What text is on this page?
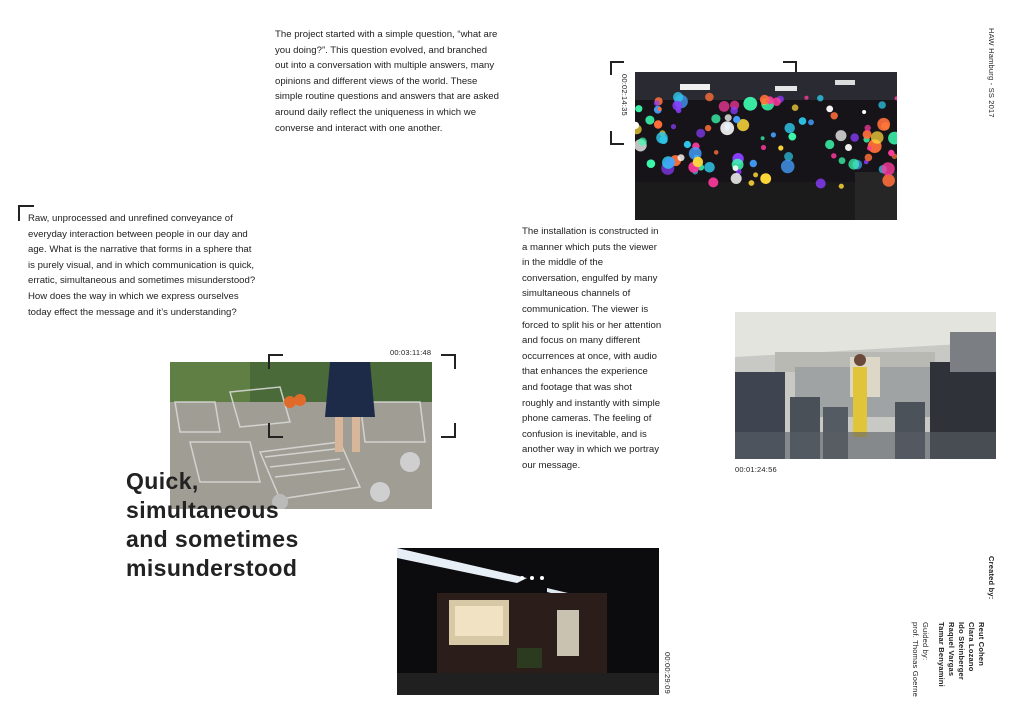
The project started with a simple question, “what are you doing?”. This question evolved, and branched out into a conversation with multiple answers, many opinions and different views of the world. These simple routine questions and answers that are asked around daily reflect the uniqueness in which we converse and interact with one another.
00:02:14:35
Raw, unprocessed and unrefined conveyance of everyday interaction between people in our day and age. What is the narrative that forms in a sphere that is purely visual, and in which communication is quick, erratic, simultaneous and sometimes misunderstood? How does the way in which we express ourselves today effect the message and it’s understanding?
The installation is constructed in a manner which puts the viewer in the middle of the conversation, engulfed by many simultaneous channels of communication. The viewer is forced to split his or her attention and focus on many different occurrences at once, with audio that enhances the experience and footage that was shot roughly and instantly with simple phone cameras. The feeling of confusion is inevitable, and is another way in which we portray our message.	00:01:24:56
00:03:11:48
Quick,
simultaneous
and sometimes
misunderstood
00:00:29:09
HAW Hamburg - SS 2017
Created by:
Reut Cohen
Clara Lozano
Ido Steinberger
Raquel Vargas
Tamar Benyamini
Guided by:
prof. Thomas Goerne
